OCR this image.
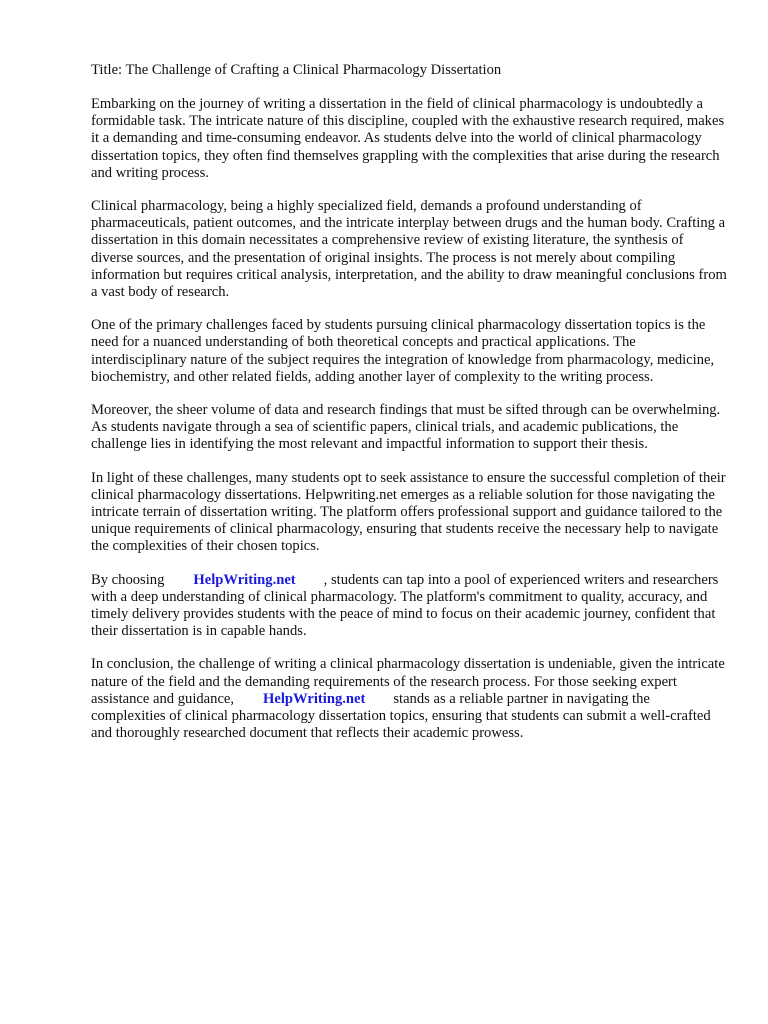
Title: The Challenge of Crafting a Clinical Pharmacology Dissertation

Embarking on the journey of writing a dissertation in the field of clinical pharmacology is undoubtedly a formidable task. The intricate nature of this discipline, coupled with the exhaustive research required, makes it a demanding and time-consuming endeavor. As students delve into the world of clinical pharmacology dissertation topics, they often find themselves grappling with the complexities that arise during the research and writing process.

Clinical pharmacology, being a highly specialized field, demands a profound understanding of pharmaceuticals, patient outcomes, and the intricate interplay between drugs and the human body. Crafting a dissertation in this domain necessitates a comprehensive review of existing literature, the synthesis of diverse sources, and the presentation of original insights. The process is not merely about compiling information but requires critical analysis, interpretation, and the ability to draw meaningful conclusions from a vast body of research.

One of the primary challenges faced by students pursuing clinical pharmacology dissertation topics is the need for a nuanced understanding of both theoretical concepts and practical applications. The interdisciplinary nature of the subject requires the integration of knowledge from pharmacology, medicine, biochemistry, and other related fields, adding another layer of complexity to the writing process.

Moreover, the sheer volume of data and research findings that must be sifted through can be overwhelming. As students navigate through a sea of scientific papers, clinical trials, and academic publications, the challenge lies in identifying the most relevant and impactful information to support their thesis.

In light of these challenges, many students opt to seek assistance to ensure the successful completion of their clinical pharmacology dissertations. Helpwriting.net emerges as a reliable solution for those navigating the intricate terrain of dissertation writing. The platform offers professional support and guidance tailored to the unique requirements of clinical pharmacology, ensuring that students receive the necessary help to navigate the complexities of their chosen topics.

By choosing HelpWriting.net , students can tap into a pool of experienced writers and researchers with a deep understanding of clinical pharmacology. The platform's commitment to quality, accuracy, and timely delivery provides students with the peace of mind to focus on their academic journey, confident that their dissertation is in capable hands.

In conclusion, the challenge of writing a clinical pharmacology dissertation is undeniable, given the intricate nature of the field and the demanding requirements of the research process. For those seeking expert assistance and guidance, HelpWriting.net stands as a reliable partner in navigating the complexities of clinical pharmacology dissertation topics, ensuring that students can submit a well-crafted and thoroughly researched document that reflects their academic prowess.
